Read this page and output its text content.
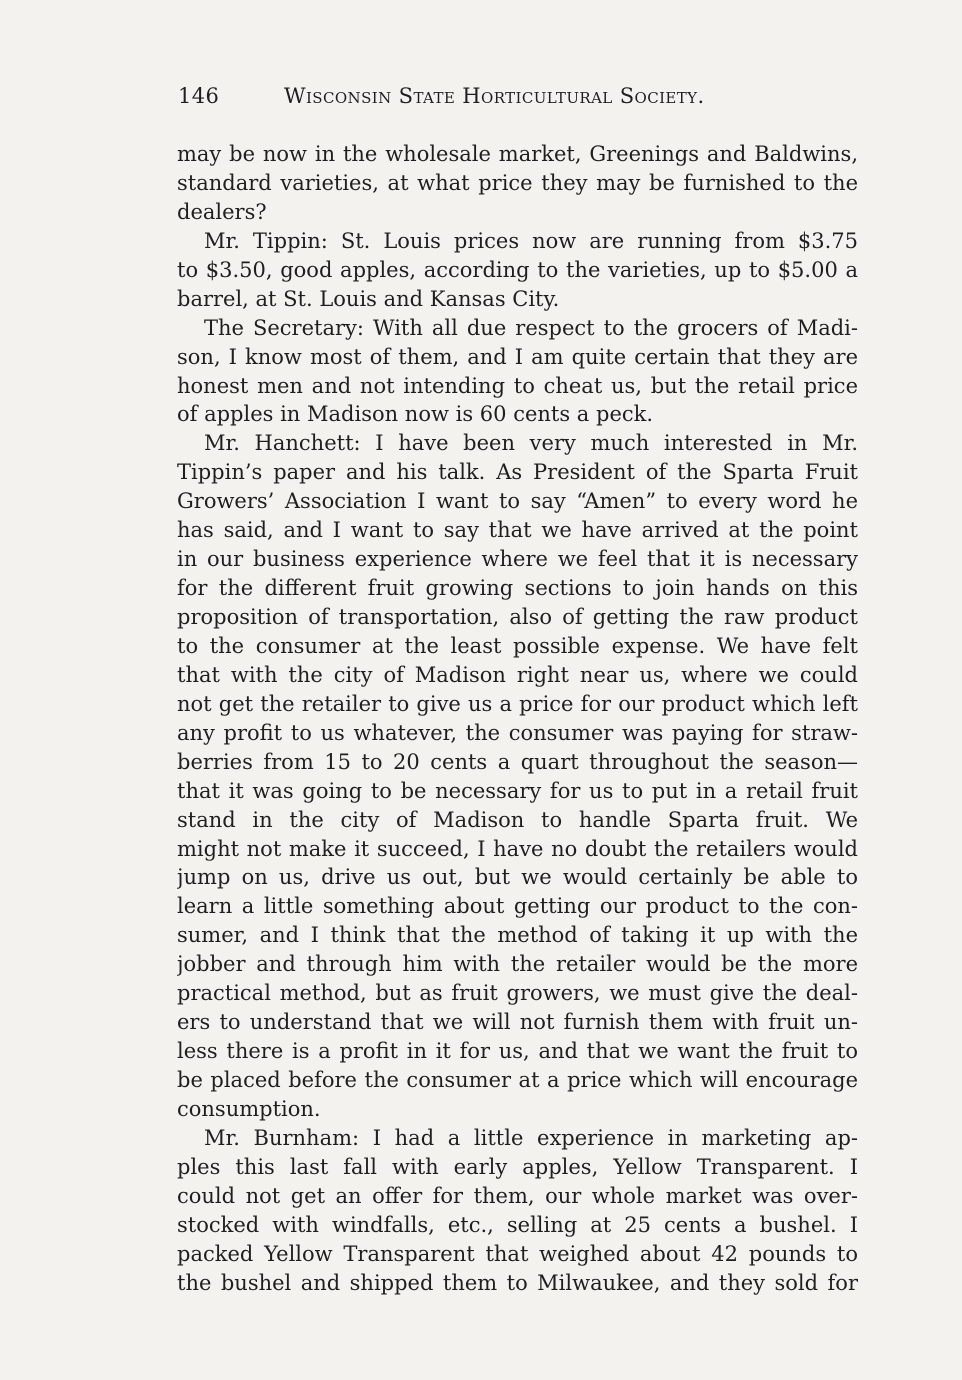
146	Wisconsin State Horticultural Society.
may be now in the wholesale market, Greenings and Baldwins,
standard varieties, at what price they may be furnished to the
dealers?
Mr. Tippin: St. Louis prices now are running from $3.75
to $3.50, good apples, according to the varieties, up to $5.00 a
barrel, at St. Louis and Kansas City.
The Secretary: With all due respect to the grocers of Madi-
son, I know most of them, and I am quite certain that they are
honest men and not intending to cheat us, but the retail price
of apples in Madison now is 60 cents a peck.
Mr. Hanchett: I have been very much interested in Mr.
Tippin’s paper and his talk. As President of the Sparta Fruit
Growers’ Association I want to say “Amen” to every word he
has said, and I want to say that we have arrived at the point
in our business experience where we feel that it is necessary
for the different fruit growing sections to join hands on this
proposition of transportation, also of getting the raw product
to the consumer at the least possible expense. We have felt
that with the city of Madison right near us, where we could
not get the retailer to give us a price for our product which left
any profit to us whatever, the consumer was paying for straw-
berries from 15 to 20 cents a quart throughout the season—
that it was going to be necessary for us to put in a retail fruit
stand in the city of Madison to handle Sparta fruit. We
might not make it succeed, I have no doubt the retailers would
jump on us, drive us out, but we would certainly be able to
learn a little something about getting our product to the con-
sumer, and I think that the method of taking it up with the
jobber and through him with the retailer would be the more
practical method, but as fruit growers, we must give the deal-
ers to understand that we will not furnish them with fruit un-
less there is a profit in it for us, and that we want the fruit to
be placed before the consumer at a price which will encourage
consumption.
Mr. Burnham: I had a little experience in marketing ap-
ples this last fall with early apples, Yellow Transparent. I
could not get an offer for them, our whole market was over-
stocked with windfalls, etc., selling at 25 cents a bushel. I
packed Yellow Transparent that weighed about 42 pounds to
the bushel and shipped them to Milwaukee, and they sold for
